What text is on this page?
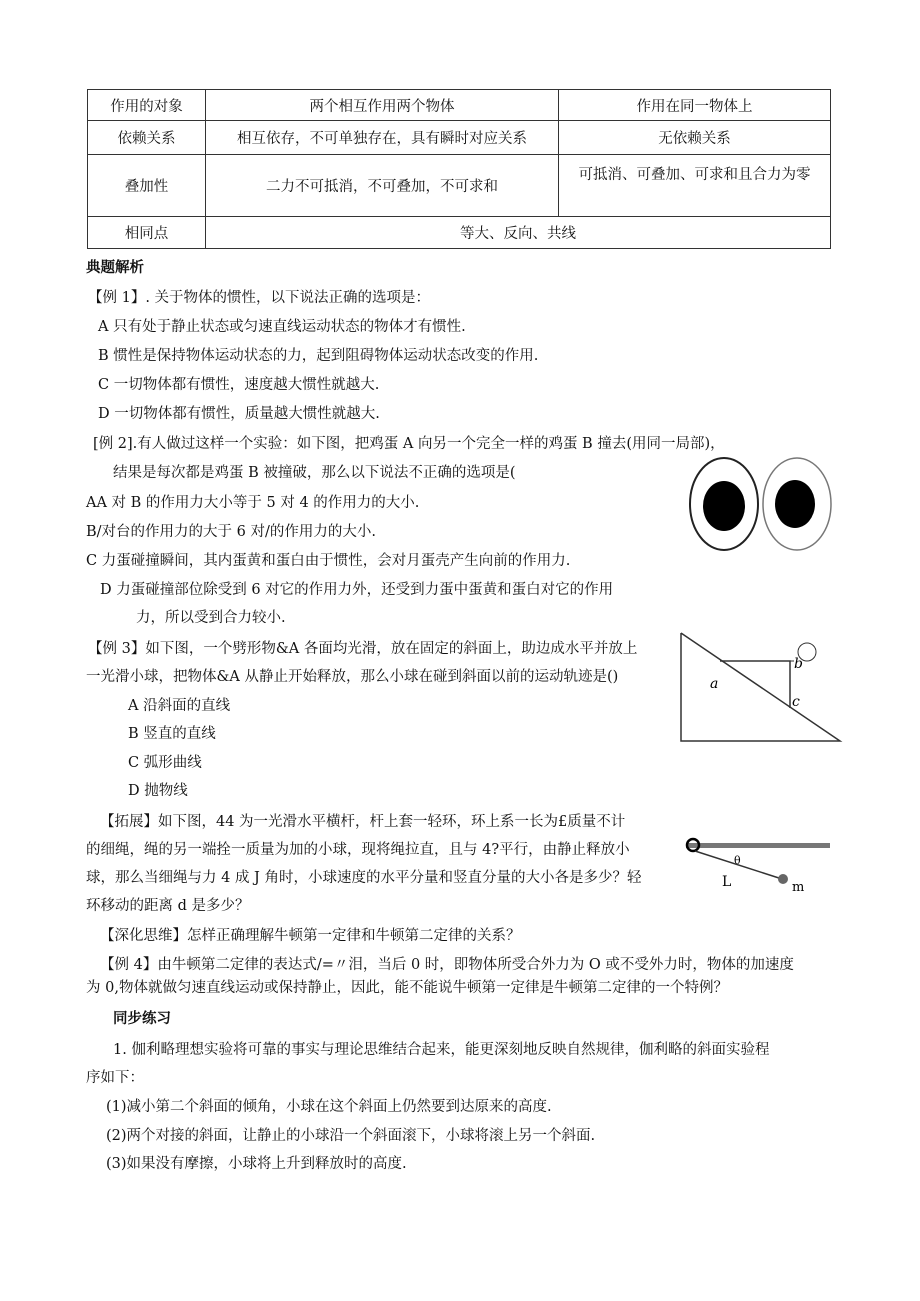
作用的对象	两个相互作用两个物体	作用在同一物体上
依赖关系	相互依存，不可单独存在，具有瞬时对应关系	无依赖关系
叠加性	二力不可抵消，不可叠加，不可求和	可抵消、可叠加、可求和且合力为零
相同点	等大、反向、共线	
典题解析
【例 1】. 关于物体的惯性，以下说法正确的选项是：
A 只有处于静止状态或匀速直线运动状态的物体才有惯性.
B 惯性是保持物体运动状态的力，起到阻碍物体运动状态改变的作用.
C 一切物体都有惯性，速度越大惯性就越大.
D 一切物体都有惯性，质量越大惯性就越大.
[例 2].有人做过这样一个实验：如下图，把鸡蛋 A 向另一个完全一样的鸡蛋 B 撞去(用同一局部)，
结果是每次都是鸡蛋 B 被撞破，那么以下说法不正确的选项是(
AA 对 B 的作用力大小等于 5 对 4 的作用力的大小.
B/对台的作用力的大于 6 对/的作用力的大小.
C 力蛋碰撞瞬间，其内蛋黄和蛋白由于惯性，会对月蛋壳产生向前的作用力.
D 力蛋碰撞部位除受到 6 对它的作用力外，还受到力蛋中蛋黄和蛋白对它的作用
力，所以受到合力较小.
【例 3】如下图，一个劈形物&A 各面均光滑，放在固定的斜面上，助边成水平并放上
一光滑小球，把物体&A 从静止开始释放，那么小球在碰到斜面以前的运动轨迹是()
A 沿斜面的直线
B 竖直的直线
C 弧形曲线
D 抛物线
【拓展】如下图，44 为一光滑水平横杆，杆上套一轻环，环上系一长为£质量不计
的细绳，绳的另一端拴一质量为加的小球，现将绳拉直，且与 4?平行，由静止释放小
球，那么当细绳与力 4 成 J 角时，小球速度的水平分量和竖直分量的大小各是多少？轻
环移动的距离 d 是多少？
【深化思维】怎样正确理解牛顿第一定律和牛顿第二定律的关系？
【例 4】由牛顿第二定律的表达式/=〃泪，当后 0 时，即物体所受合外力为 O 或不受外力时，物体的加速度
为 0,物体就做匀速直线运动或保持静止，因此，能不能说牛顿第一定律是牛顿第二定律的一个特例？
同步练习
1. 伽利略理想实验将可靠的事实与理论思维结合起来，能更深刻地反映自然规律，伽利略的斜面实验程
序如下：
(1)减小第二个斜面的倾角，小球在这个斜面上仍然要到达原来的高度.
(2)两个对接的斜面，让静止的小球沿一个斜面滚下，小球将滚上另一个斜面.
(3)如果没有摩擦，小球将上升到释放时的高度.
a
b
c
θ
L	m
